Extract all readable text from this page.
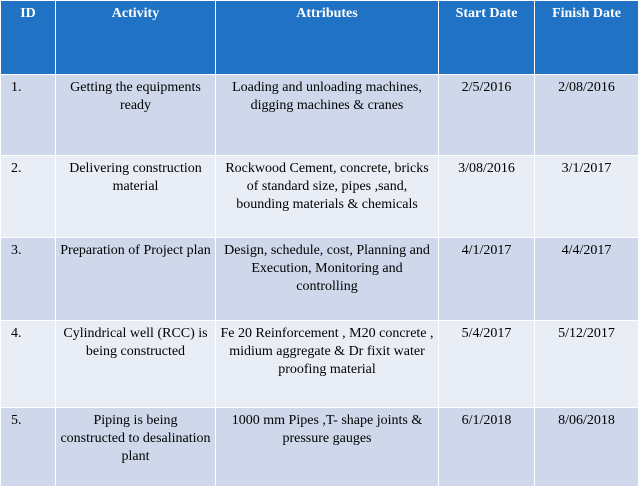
ID	Activity	Attributes	Start Date	Finish Date
1.	Getting the equipments ready	Loading and unloading machines, digging machines & cranes	2/5/2016	2/08/2016
2.	Delivering construction material	Rockwood Cement, concrete, bricks of standard size, pipes ,sand, bounding materials & chemicals	3/08/2016	3/1/2017
3.	Preparation of Project plan	Design, schedule, cost, Planning and Execution, Monitoring and controlling	4/1/2017	4/4/2017
4.	Cylindrical well (RCC) is being constructed	Fe 20 Reinforcement , M20 concrete , midium aggregate & Dr fixit water proofing material	5/4/2017	5/12/2017
5.	Piping is being constructed to desalination plant	1000 mm Pipes ,T- shape joints & pressure gauges	6/1/2018	8/06/2018
